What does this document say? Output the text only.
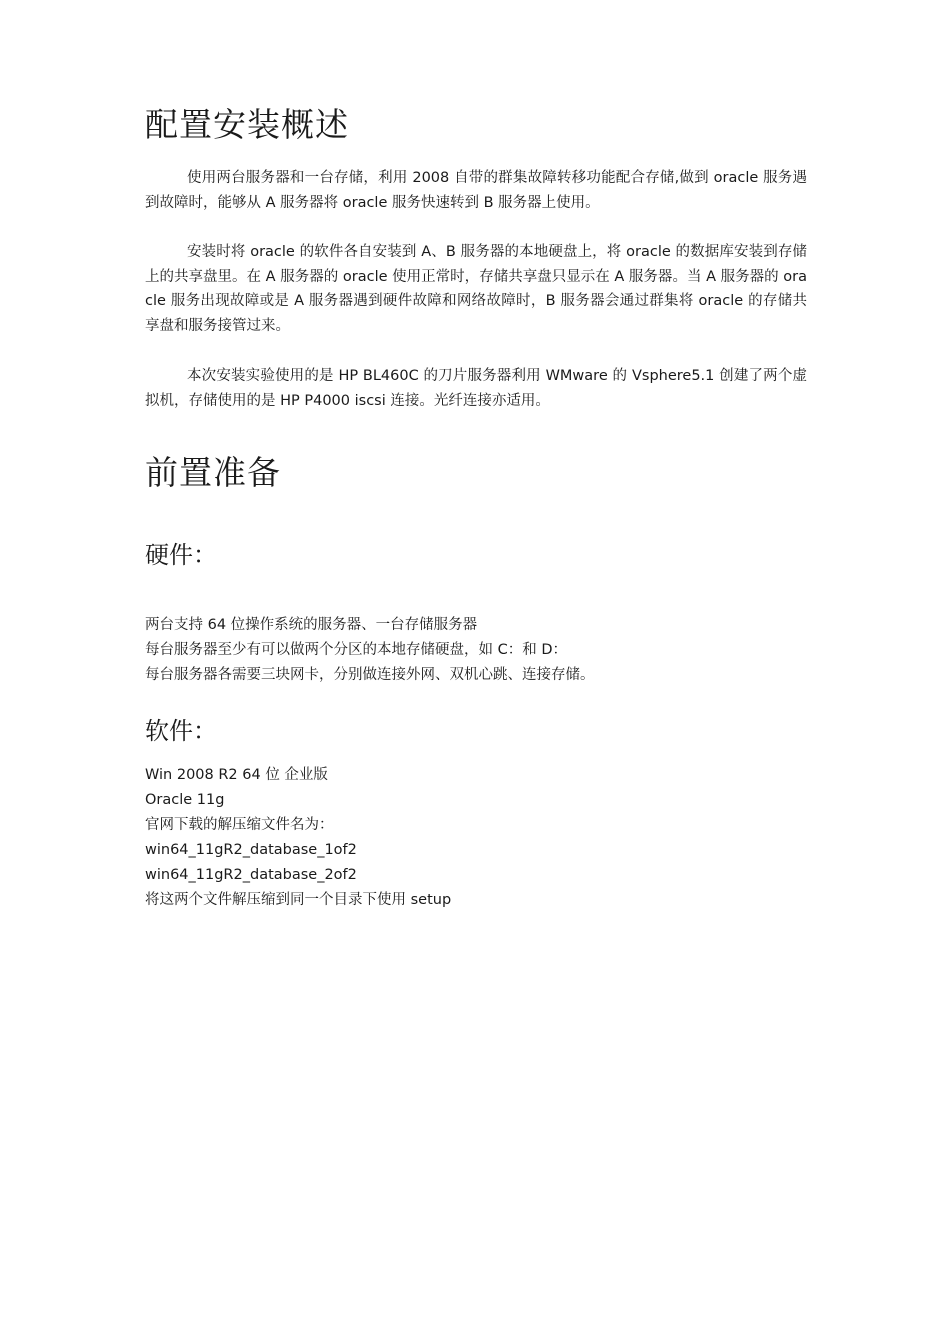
配置安装概述

使用两台服务器和一台存储，利用 2008 自带的群集故障转移功能配合存储,做到 oracle 服务遇到故障时，能够从 A 服务器将 oracle 服务快速转到 B 服务器上使用。

安装时将 oracle 的软件各自安装到 A、B 服务器的本地硬盘上，将 oracle 的数据库安装到存储上的共享盘里。在 A 服务器的 oracle 使用正常时，存储共享盘只显示在 A 服务器。当 A 服务器的 oracle 服务出现故障或是 A 服务器遇到硬件故障和网络故障时，B 服务器会通过群集将 oracle 的存储共享盘和服务接管过来。

本次安装实验使用的是 HP BL460C 的刀片服务器利用 WMware 的 Vsphere5.1 创建了两个虚拟机，存储使用的是 HP P4000 iscsi 连接。光纤连接亦适用。

前置准备
硬件：

两台支持 64 位操作系统的服务器、一台存储服务器

每台服务器至少有可以做两个分区的本地存储硬盘，如 C：和 D：

每台服务器各需要三块网卡，分别做连接外网、双机心跳、连接存储。

软件：

Win 2008 R2 64 位 企业版

Oracle 11g

官网下载的解压缩文件名为：

win64_11gR2_database_1of2

win64_11gR2_database_2of2

将这两个文件解压缩到同一个目录下使用 setup
